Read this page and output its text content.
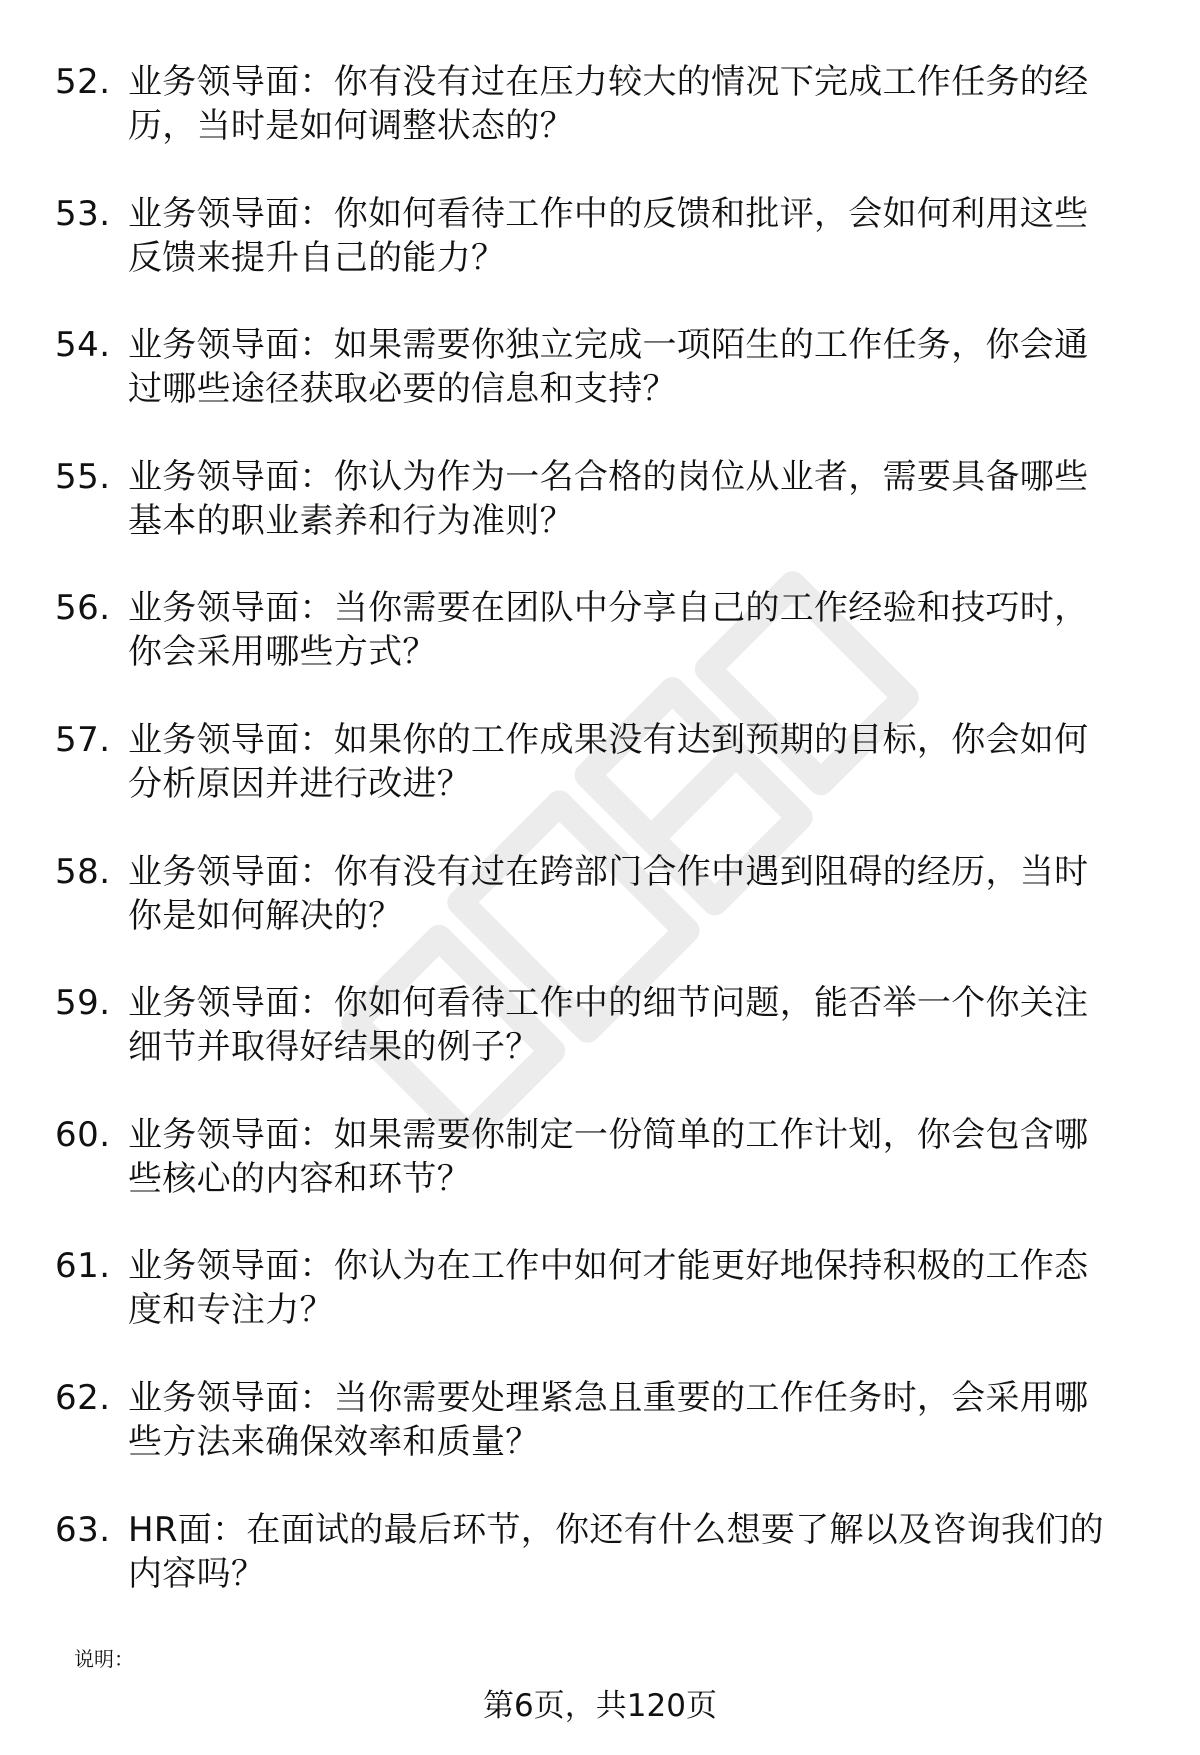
52. 业务领导面：你有没有过在压力较大的情况下完成工作任务的经
历，当时是如何调整状态的？
53. 业务领导面：你如何看待工作中的反馈和批评，会如何利用这些
反馈来提升自己的能力？
54. 业务领导面：如果需要你独立完成一项陌生的工作任务，你会通
过哪些途径获取必要的信息和支持？
55. 业务领导面：你认为作为一名合格的岗位从业者，需要具备哪些
基本的职业素养和行为准则？
56. 业务领导面：当你需要在团队中分享自己的工作经验和技巧时，
你会采用哪些方式？
57. 业务领导面：如果你的工作成果没有达到预期的目标，你会如何
分析原因并进行改进？
58. 业务领导面：你有没有过在跨部门合作中遇到阻碍的经历，当时
你是如何解决的？
59. 业务领导面：你如何看待工作中的细节问题，能否举一个你关注
细节并取得好结果的例子？
60. 业务领导面：如果需要你制定一份简单的工作计划，你会包含哪
些核心的内容和环节？
61. 业务领导面：你认为在工作中如何才能更好地保持积极的工作态
度和专注力？
62. 业务领导面：当你需要处理紧急且重要的工作任务时，会采用哪
些方法来确保效率和质量？
63. HR面：在面试的最后环节，你还有什么想要了解以及咨询我们的
内容吗？
说明：
第6页，共120页
